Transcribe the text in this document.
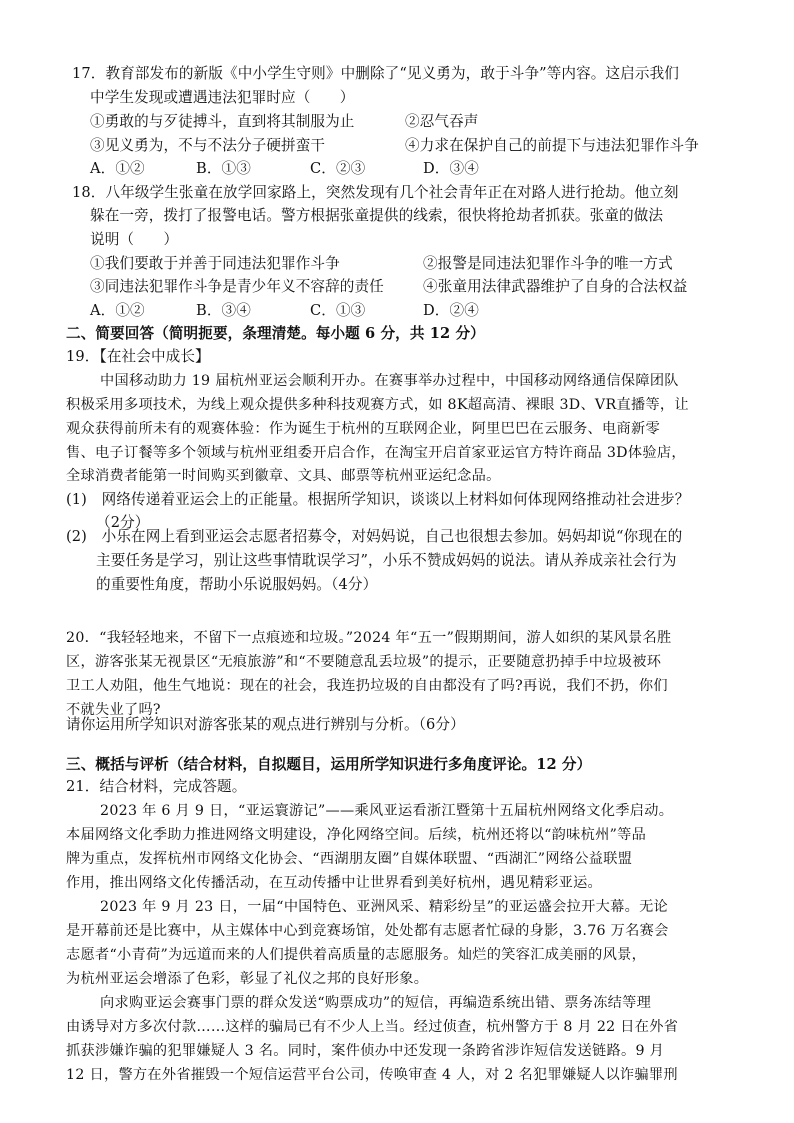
17．教育部发布的新版《中小学生守则》中删除了“见义勇为，敢于斗争”等内容。这启示我们
中学生发现或遭遇违法犯罪时应（　　）
①勇敢的与歹徒搏斗，直到将其制服为止	②忍气吞声
③见义勇为，不与不法分子硬拼蛮干	④力求在保护自己的前提下与违法犯罪作斗争
A．①②	B．①③	C．②③	D．③④
18．八年级学生张童在放学回家路上，突然发现有几个社会青年正在对路人进行抢劫。他立刻
躲在一旁，拨打了报警电话。警方根据张童提供的线索，很快将抢劫者抓获。张童的做法
说明（　　）
①我们要敢于并善于同违法犯罪作斗争	②报警是同违法犯罪作斗争的唯一方式
③同违法犯罪作斗争是青少年义不容辞的责任	④张童用法律武器维护了自身的合法权益
A．①②	B．③④	C．①③	D．②④
二、简要回答（简明扼要，条理清楚。每小题 6 分，共 12 分）
19．【在社会中成长】
中国移动助力 19 届杭州亚运会顺利开办。在赛事举办过程中，中国移动网络通信保障团队
积极采用多项技术，为线上观众提供多种科技观赛方式，如 8K超高清、裸眼 3D、VR直播等，让
观众获得前所未有的观赛体验：作为诞生于杭州的互联网企业，阿里巴巴在云服务、电商新零
售、电子订餐等多个领域与杭州亚组委开启合作，在淘宝开启首家亚运官方特许商品 3D体验店，
全球消费者能第一时间购买到徽章、文具、邮票等杭州亚运纪念品。
(1)　网络传递着亚运会上的正能量。根据所学知识，谈谈以上材料如何体现网络推动社会进步？
（2分）
(2)　小乐在网上看到亚运会志愿者招募令，对妈妈说，自己也很想去参加。妈妈却说“你现在的
主要任务是学习，别让这些事情耽误学习”，小乐不赞成妈妈的说法。请从养成亲社会行为
的重要性角度，帮助小乐说服妈妈。（4分）
20．“我轻轻地来，不留下一点痕迹和垃圾。”2024 年“五一”假期期间，游人如织的某风景名胜
区，游客张某无视景区“无痕旅游”和“不要随意乱丢垃圾”的提示，正要随意扔掉手中垃圾被环
卫工人劝阻，他生气地说：现在的社会，我连扔垃圾的自由都没有了吗?再说，我们不扔，你们
不就失业了吗?
请你运用所学知识对游客张某的观点进行辨别与分析。（6分）
三、概括与评析（结合材料，自拟题目，运用所学知识进行多角度评论。12 分）
21．结合材料，完成答题。
2023 年 6 月 9 日，“亚运寰游记”——乘风亚运看浙江暨第十五届杭州网络文化季启动。
本届网络文化季助力推进网络文明建设，净化网络空间。后续，杭州还将以“韵味杭州”等品
牌为重点，发挥杭州市网络文化协会、“西湖朋友圈”自媒体联盟、“西湖汇”网络公益联盟
作用，推出网络文化传播活动，在互动传播中让世界看到美好杭州，遇见精彩亚运。
2023 年 9 月 23 日，一届“中国特色、亚洲风采、精彩纷呈”的亚运盛会拉开大幕。无论
是开幕前还是比赛中，从主媒体中心到竞赛场馆，处处都有志愿者忙碌的身影，3.76 万名赛会
志愿者“小青荷”为远道而来的人们提供着高质量的志愿服务。灿烂的笑容汇成美丽的风景，
为杭州亚运会增添了色彩，彰显了礼仪之邦的良好形象。
向求购亚运会赛事门票的群众发送“购票成功”的短信，再编造系统出错、票务冻结等理
由诱导对方多次付款……这样的骗局已有不少人上当。经过侦查，杭州警方于 8 月 22 日在外省
抓获涉嫌诈骗的犯罪嫌疑人 3 名。同时，案件侦办中还发现一条跨省涉诈短信发送链路。9 月
12 日，警方在外省摧毁一个短信运营平台公司，传唤审查 4 人，对 2 名犯罪嫌疑人以诈骗罪刑
